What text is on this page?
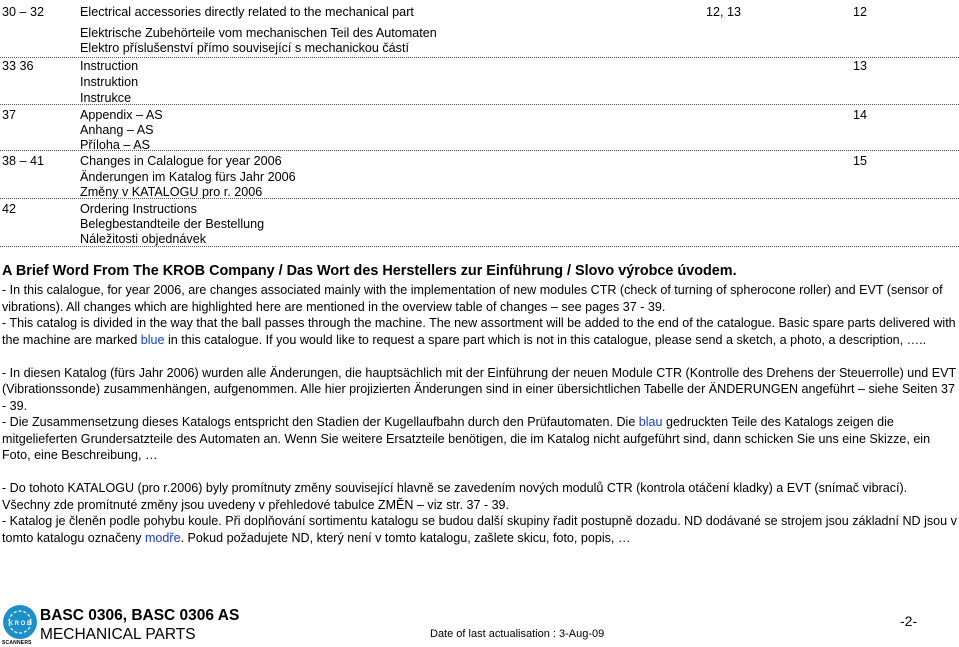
30 – 32	Electrical accessories directly related to the mechanical part	12, 13	12
Elektrische Zubehörteile vom mechanischen Teil des Automaten
Elektro příslušenství přímo související s mechanickou částí
33 36	Instruction	13
Instruktion
Instrukce
37	Appendix – AS	14
Anhang – AS
Příloha – AS
38 – 41	Changes in Calalogue for year 2006	15
Änderungen im Katalog fürs Jahr 2006
Změny v KATALOGU pro r. 2006
42	Ordering Instructions
Belegbestandteile der Bestellung
Náležitosti objednávek
A Brief Word From The KROB Company / Das Wort des Herstellers zur Einführung / Slovo výrobce úvodem.

- In this calalogue, for year 2006, are changes associated mainly with the implementation of new modules CTR (check of turning of spherocone roller) and EVT (sensor of vibrations). All changes which are highlighted here are mentioned in the overview table of changes – see pages 37 - 39.

- This catalog is divided in the way that the ball passes through the machine. The new assortment will be added to the end of the catalogue. Basic spare parts delivered with the machine are marked blue in this catalogue. If you would like to request a spare part which is not in this catalogue, please send a sketch, a photo, a description, …..

- In diesen Katalog (fürs Jahr 2006) wurden alle Änderungen, die hauptsächlich mit der Einführung der neuen Module CTR (Kontrolle des Drehens der Steuerrolle) und EVT (Vibrationssonde) zusammenhängen, aufgenommen. Alle hier projizierten Änderungen sind in einer übersichtlichen Tabelle der ÄNDERUNGEN angeführt – siehe Seiten 37 - 39.

- Die Zusammensetzung dieses Katalogs entspricht den Stadien der Kugellaufbahn durch den Prüfautomaten. Die blau gedruckten Teile des Katalogs zeigen die mitgelieferten Grundersatzteile des Automaten an. Wenn Sie weitere Ersatzteile benötigen, die im Katalog nicht aufgeführt sind, dann schicken Sie uns eine Skizze, ein Foto, eine Beschreibung, …

- Do tohoto KATALOGU (pro r.2006) byly promítnuty změny související hlavně se zavedením nových modulů CTR (kontrola otáčení kladky) a EVT (snímač vibrací). Všechny zde promítnuté změny jsou uvedeny v přehledové tabulce ZMĚN – viz str. 37 - 39.

- Katalog je členěn podle pohybu koule. Při doplňování sortimentu katalogu se budou další skupiny řadit postupně dozadu. ND dodávané se strojem jsou základní ND jsou v tomto katalogu označeny modře. Pokud požadujete ND, který není v tomto katalogu, zašlete skicu, foto, popis, …

K R O B
SCANNERS
BASC 0306, BASC 0306 AS
MECHANICAL PARTS	Date of last actualisation : 3-Aug-09
-2-
